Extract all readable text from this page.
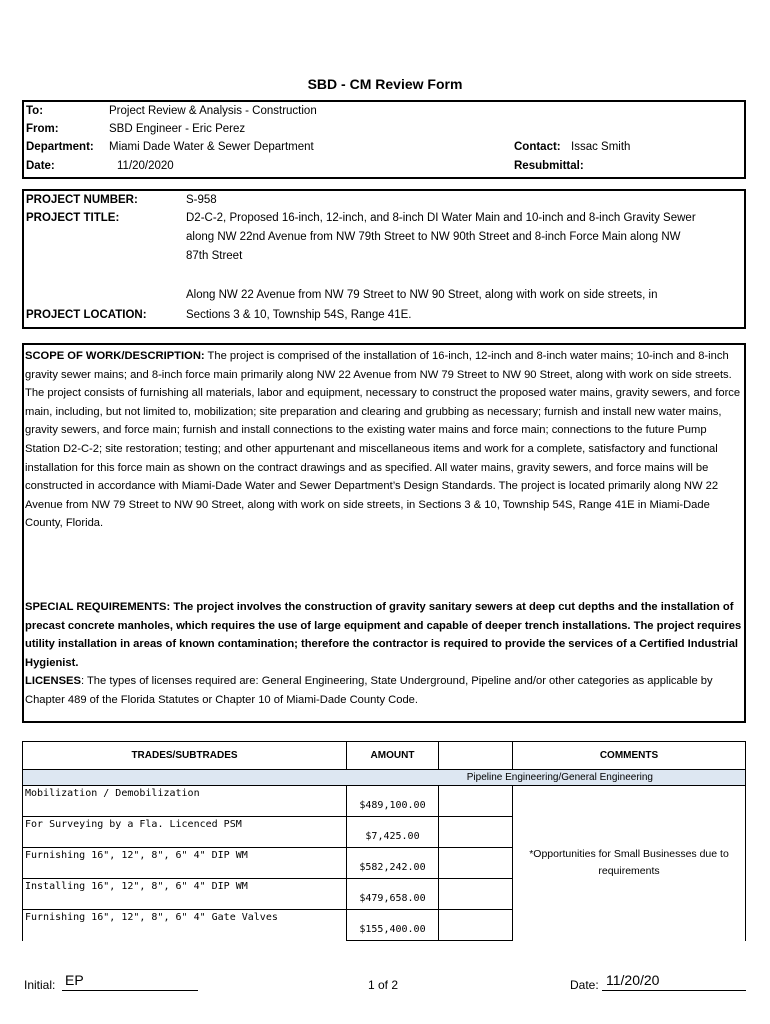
SBD - CM Review Form
To:	Project Review & Analysis - Construction
From:	SBD Engineer - Eric Perez
Department: Miami Dade Water & Sewer Department
Date:	11/20/2020
Contact: Issac Smith
Resubmittal:
PROJECT NUMBER:	S-958
PROJECT TITLE:	D2-C-2, Proposed 16-inch, 12-inch, and 8-inch DI Water Main and 10-inch and 8-inch Gravity Sewer
along NW 22nd Avenue from NW 79th Street to NW 90th Street and 8-inch Force Main along NW
87th Street
Along NW 22 Avenue from NW 79 Street to NW 90 Street, along with work on side streets, in
PROJECT LOCATION:	Sections 3 & 10, Township 54S, Range 41E.
SCOPE OF WORK/DESCRIPTION: The project is comprised of the installation of 16-inch, 12-inch and 8-inch water mains; 10-inch and 8-inch gravity sewer mains; and 8-inch force main primarily along NW 22 Avenue from NW 79 Street to NW 90 Street, along with work on side streets. The project consists of furnishing all materials, labor and equipment, necessary to construct the proposed water mains, gravity sewers, and force main, including, but not limited to, mobilization; site preparation and clearing and grubbing as necessary; furnish and install new water mains, gravity sewers, and force main; furnish and install connections to the existing water mains and force main; connections to the future Pump Station D2-C-2; site restoration; testing; and other appurtenant and miscellaneous items and work for a complete, satisfactory and functional installation for this force main as shown on the contract drawings and as specified. All water mains, gravity sewers, and force mains will be constructed in accordance with Miami-Dade Water and Sewer Department’s Design Standards. The project is located primarily along NW 22 Avenue from NW 79 Street to NW 90 Street, along with work on side streets, in Sections 3 & 10, Township 54S, Range 41E in Miami-Dade County, Florida.
SPECIAL REQUIREMENTS: The project involves the construction of gravity sanitary sewers at deep cut depths and the installation of precast concrete manholes, which requires the use of large equipment and capable of deeper trench installations. The project requires utility installation in areas of known contamination; therefore the contractor is required to provide the services of a Certified Industrial Hygienist.
LICENSES: The types of licenses required are: General Engineering, State Underground, Pipeline and/or other categories as applicable by Chapter 489 of the Florida Statutes or Chapter 10 of Miami-Dade County Code.
TRADES/SUBTRADES	AMOUNT		COMMENTS
Pipeline Engineering/General Engineering			
Mobilization / Demobilization	$489,100.00		*Opportunities for Small Businesses due to requirements
For Surveying by a Fla. Licenced PSM	$7,425.00		
Furnishing 16", 12", 8", 6" 4" DIP WM	$582,242.00		
Installing 16", 12", 8", 6" 4" DIP WM	$479,658.00		
Furnishing 16", 12", 8", 6" 4" Gate Valves	$155,400.00		
Initial: EP	1 of 2	Date: 11/20/20
